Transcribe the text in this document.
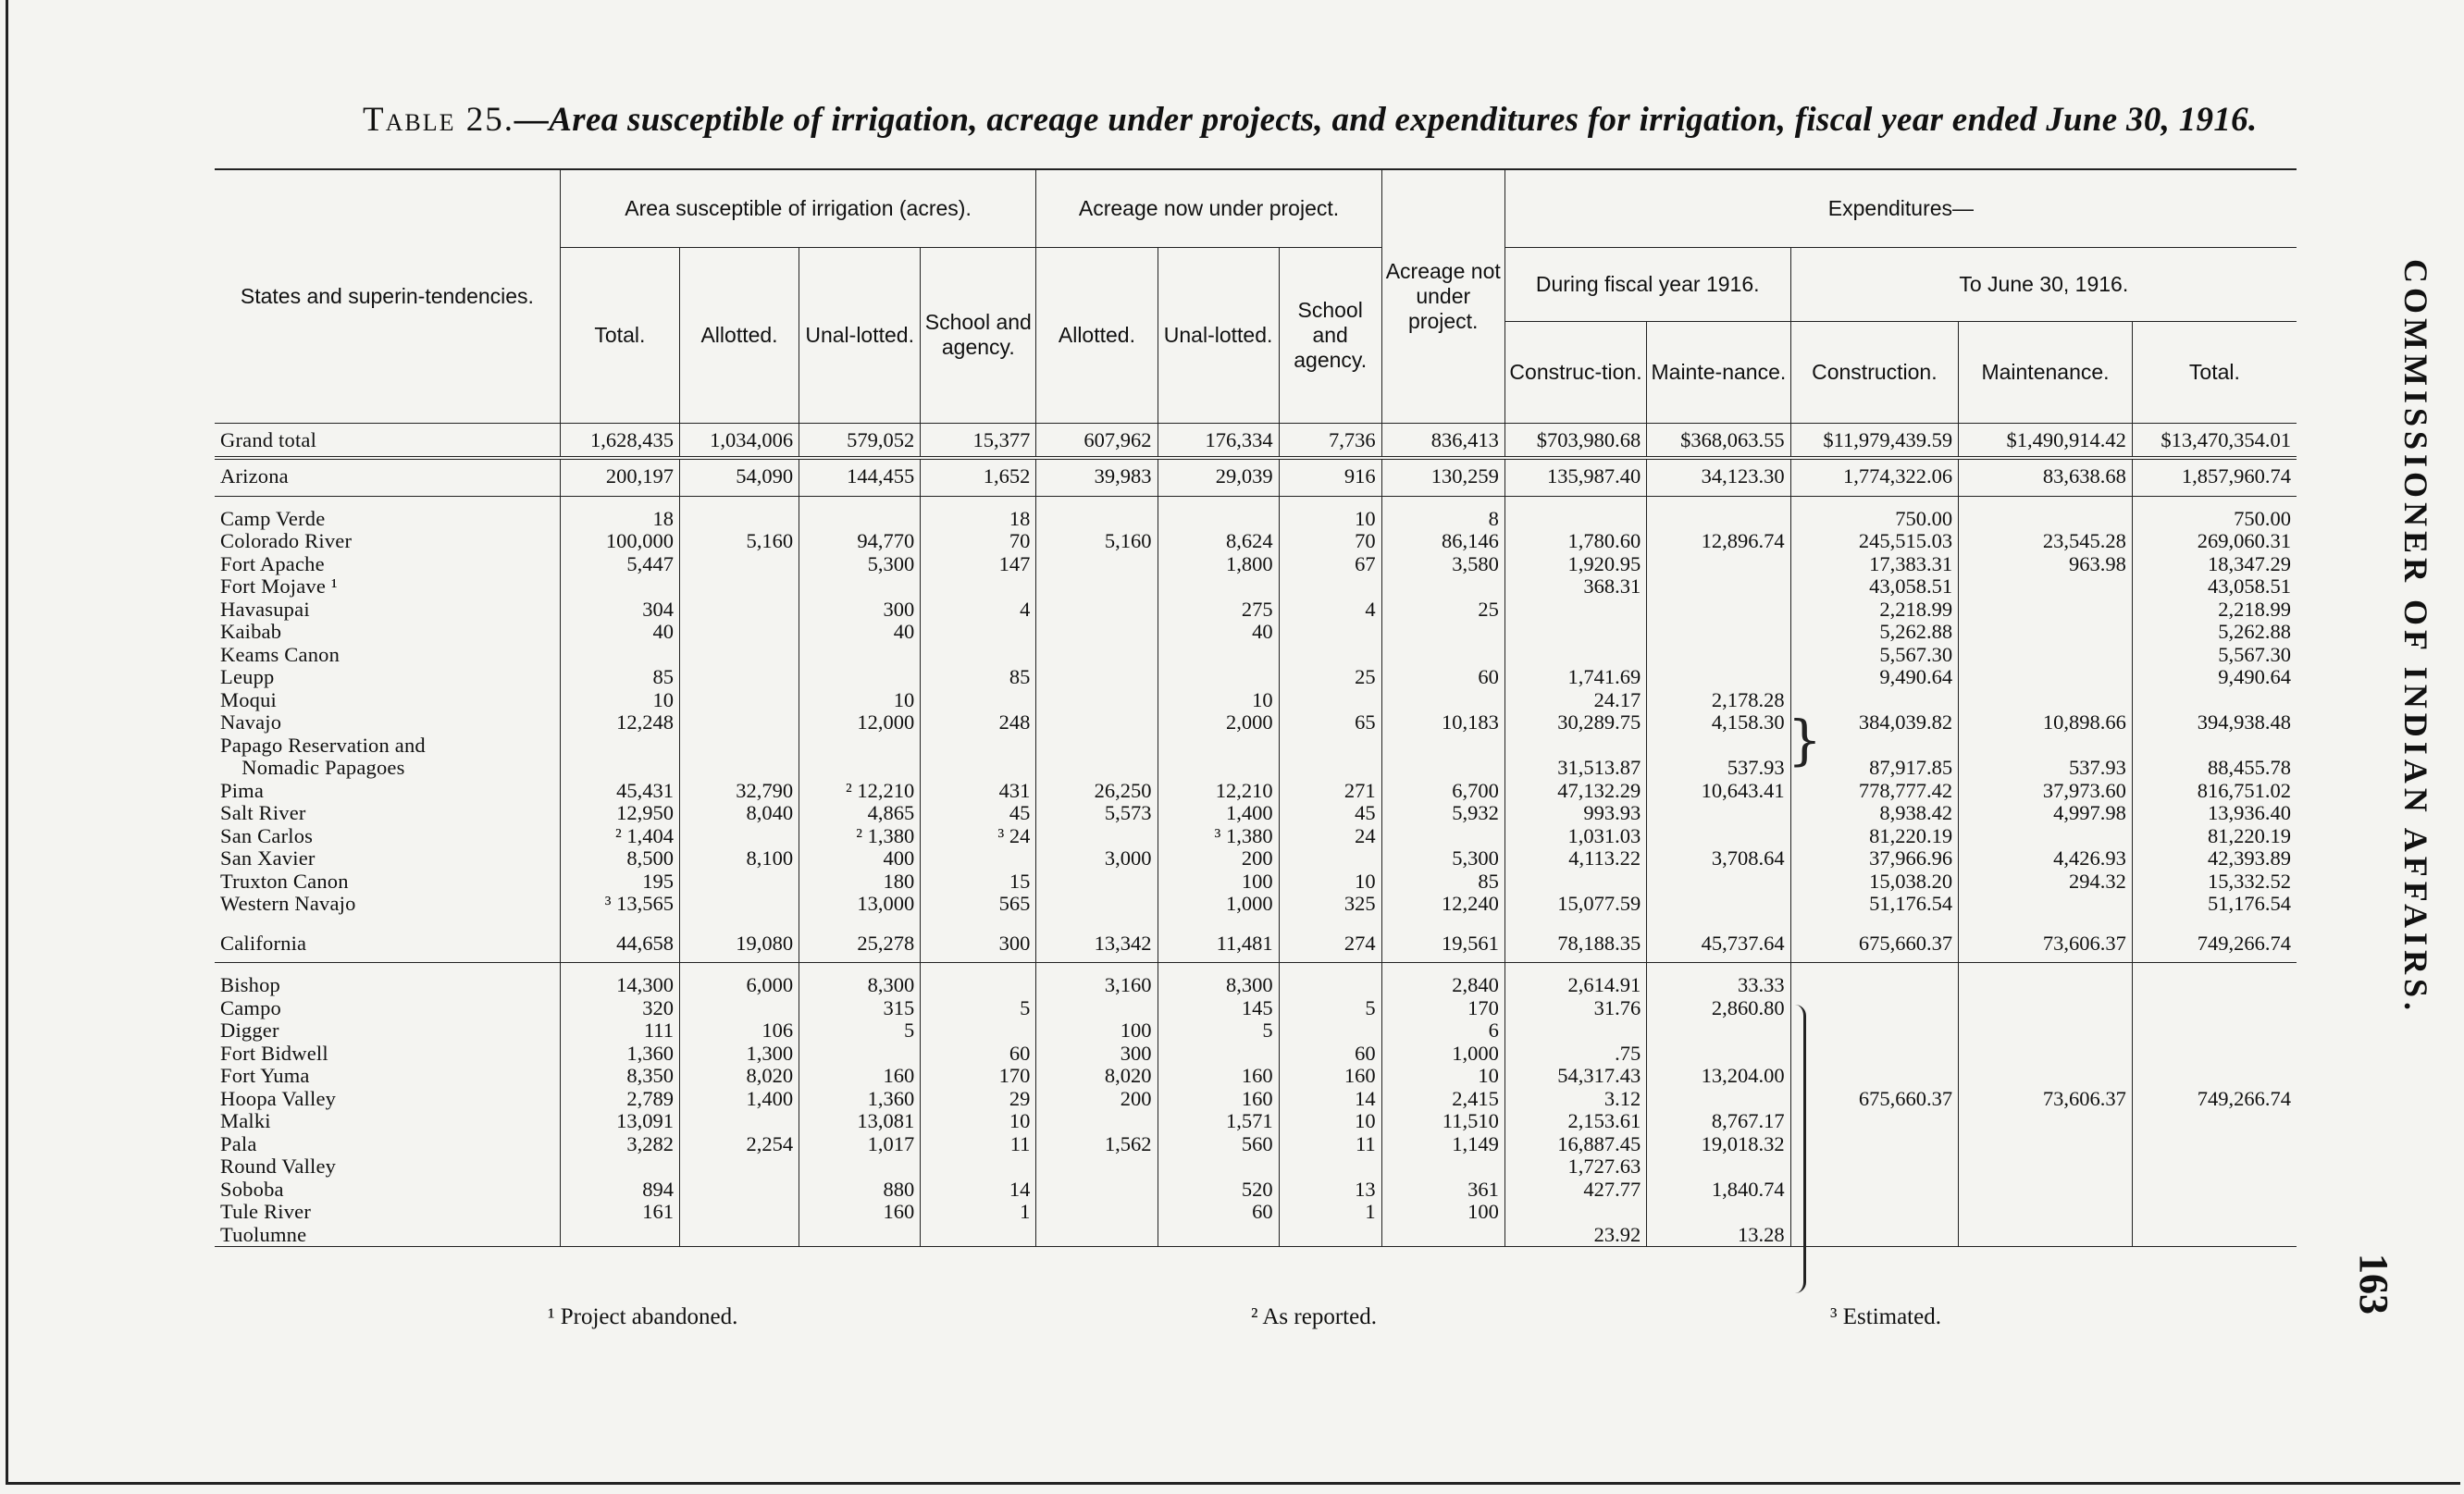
Table 25.—Area susceptible of irrigation, acreage under projects, and expenditures for irrigation, fiscal year ended June 30, 1916.
States and superin-tendencies.	Area susceptible of irrigation (acres).				Acreage now under project.			Acreage not under project.	Expenditures—				
	Total.	Allotted.	Unal-lotted.	School and agency.	Allotted.	Unal-lotted.	School and agency.		During fiscal year 1916.		To June 30, 1916.		
									Construc-tion.	Mainte-nance.	Construction.	Maintenance.	Total.
Grand total	1,628,435	1,034,006	579,052	15,377	607,962	176,334	7,736	836,413	$703,980.68	$368,063.55	$11,979,439.59	$1,490,914.42	$13,470,354.01
Arizona	200,197	54,090	144,455	1,652	39,983	29,039	916	130,259	135,987.40	34,123.30	1,774,322.06	83,638.68	1,857,960.74

Camp Verde	18			18			10	8			750.00		750.00
Colorado River	100,000	5,160	94,770	70	5,160	8,624	70	86,146	1,780.60	12,896.74	245,515.03	23,545.28	269,060.31
Fort Apache	5,447		5,300	147		1,800	67	3,580	1,920.95		17,383.31	963.98	18,347.29
Fort Mojave ¹									368.31		43,058.51		43,058.51
Havasupai	304		300	4		275	4	25			2,218.99		2,218.99
Kaibab	40		40			40					5,262.88		5,262.88
Keams Canon											5,567.30		5,567.30
Leupp	85			85			25	60	1,741.69		9,490.64		9,490.64
Moqui	10		10			10			24.17	2,178.28			
Navajo	12,248		12,000	248		2,000	65	10,183	30,289.75	4,158.30	384,039.82	10,898.66	394,938.48
Papago Reservation and													
Nomadic Papagoes									31,513.87	537.93	87,917.85	537.93	88,455.78
Pima	45,431	32,790	² 12,210	431	26,250	12,210	271	6,700	47,132.29	10,643.41	778,777.42	37,973.60	816,751.02
Salt River	12,950	8,040	4,865	45	5,573	1,400	45	5,932	993.93		8,938.42	4,997.98	13,936.40
San Carlos	² 1,404		² 1,380	³ 24		³ 1,380	24		1,031.03		81,220.19		81,220.19
San Xavier	8,500	8,100	400		3,000	200		5,300	4,113.22	3,708.64	37,966.96	4,426.93	42,393.89
Truxton Canon	195		180	15		100	10	85			15,038.20	294.32	15,332.52
Western Navajo	³ 13,565		13,000	565		1,000	325	12,240	15,077.59		51,176.54		51,176.54

California	44,658	19,080	25,278	300	13,342	11,481	274	19,561	78,188.35	45,737.64	675,660.37	73,606.37	749,266.74

Bishop	14,300	6,000	8,300		3,160	8,300		2,840	2,614.91	33.33			
Campo	320		315	5		145	5	170	31.76	2,860.80			
Digger	111	106	5		100	5		6					
Fort Bidwell	1,360	1,300		60	300		60	1,000	.75				
Fort Yuma	8,350	8,020	160	170	8,020	160	160	10	54,317.43	13,204.00			
Hoopa Valley	2,789	1,400	1,360	29	200	160	14	2,415	3.12		675,660.37	73,606.37	749,266.74
Malki	13,091		13,081	10		1,571	10	11,510	2,153.61	8,767.17			
Pala	3,282	2,254	1,017	11	1,562	560	11	1,149	16,887.45	19,018.32			
Round Valley									1,727.63				
Soboba	894		880	14		520	13	361	427.77	1,840.74			
Tule River	161		160	1		60	1	100					
Tuolumne									23.92	13.28			
¹ Project abandoned.	² As reported.	³ Estimated.
COMMISSIONER OF INDIAN AFFAIRS.
163
}
